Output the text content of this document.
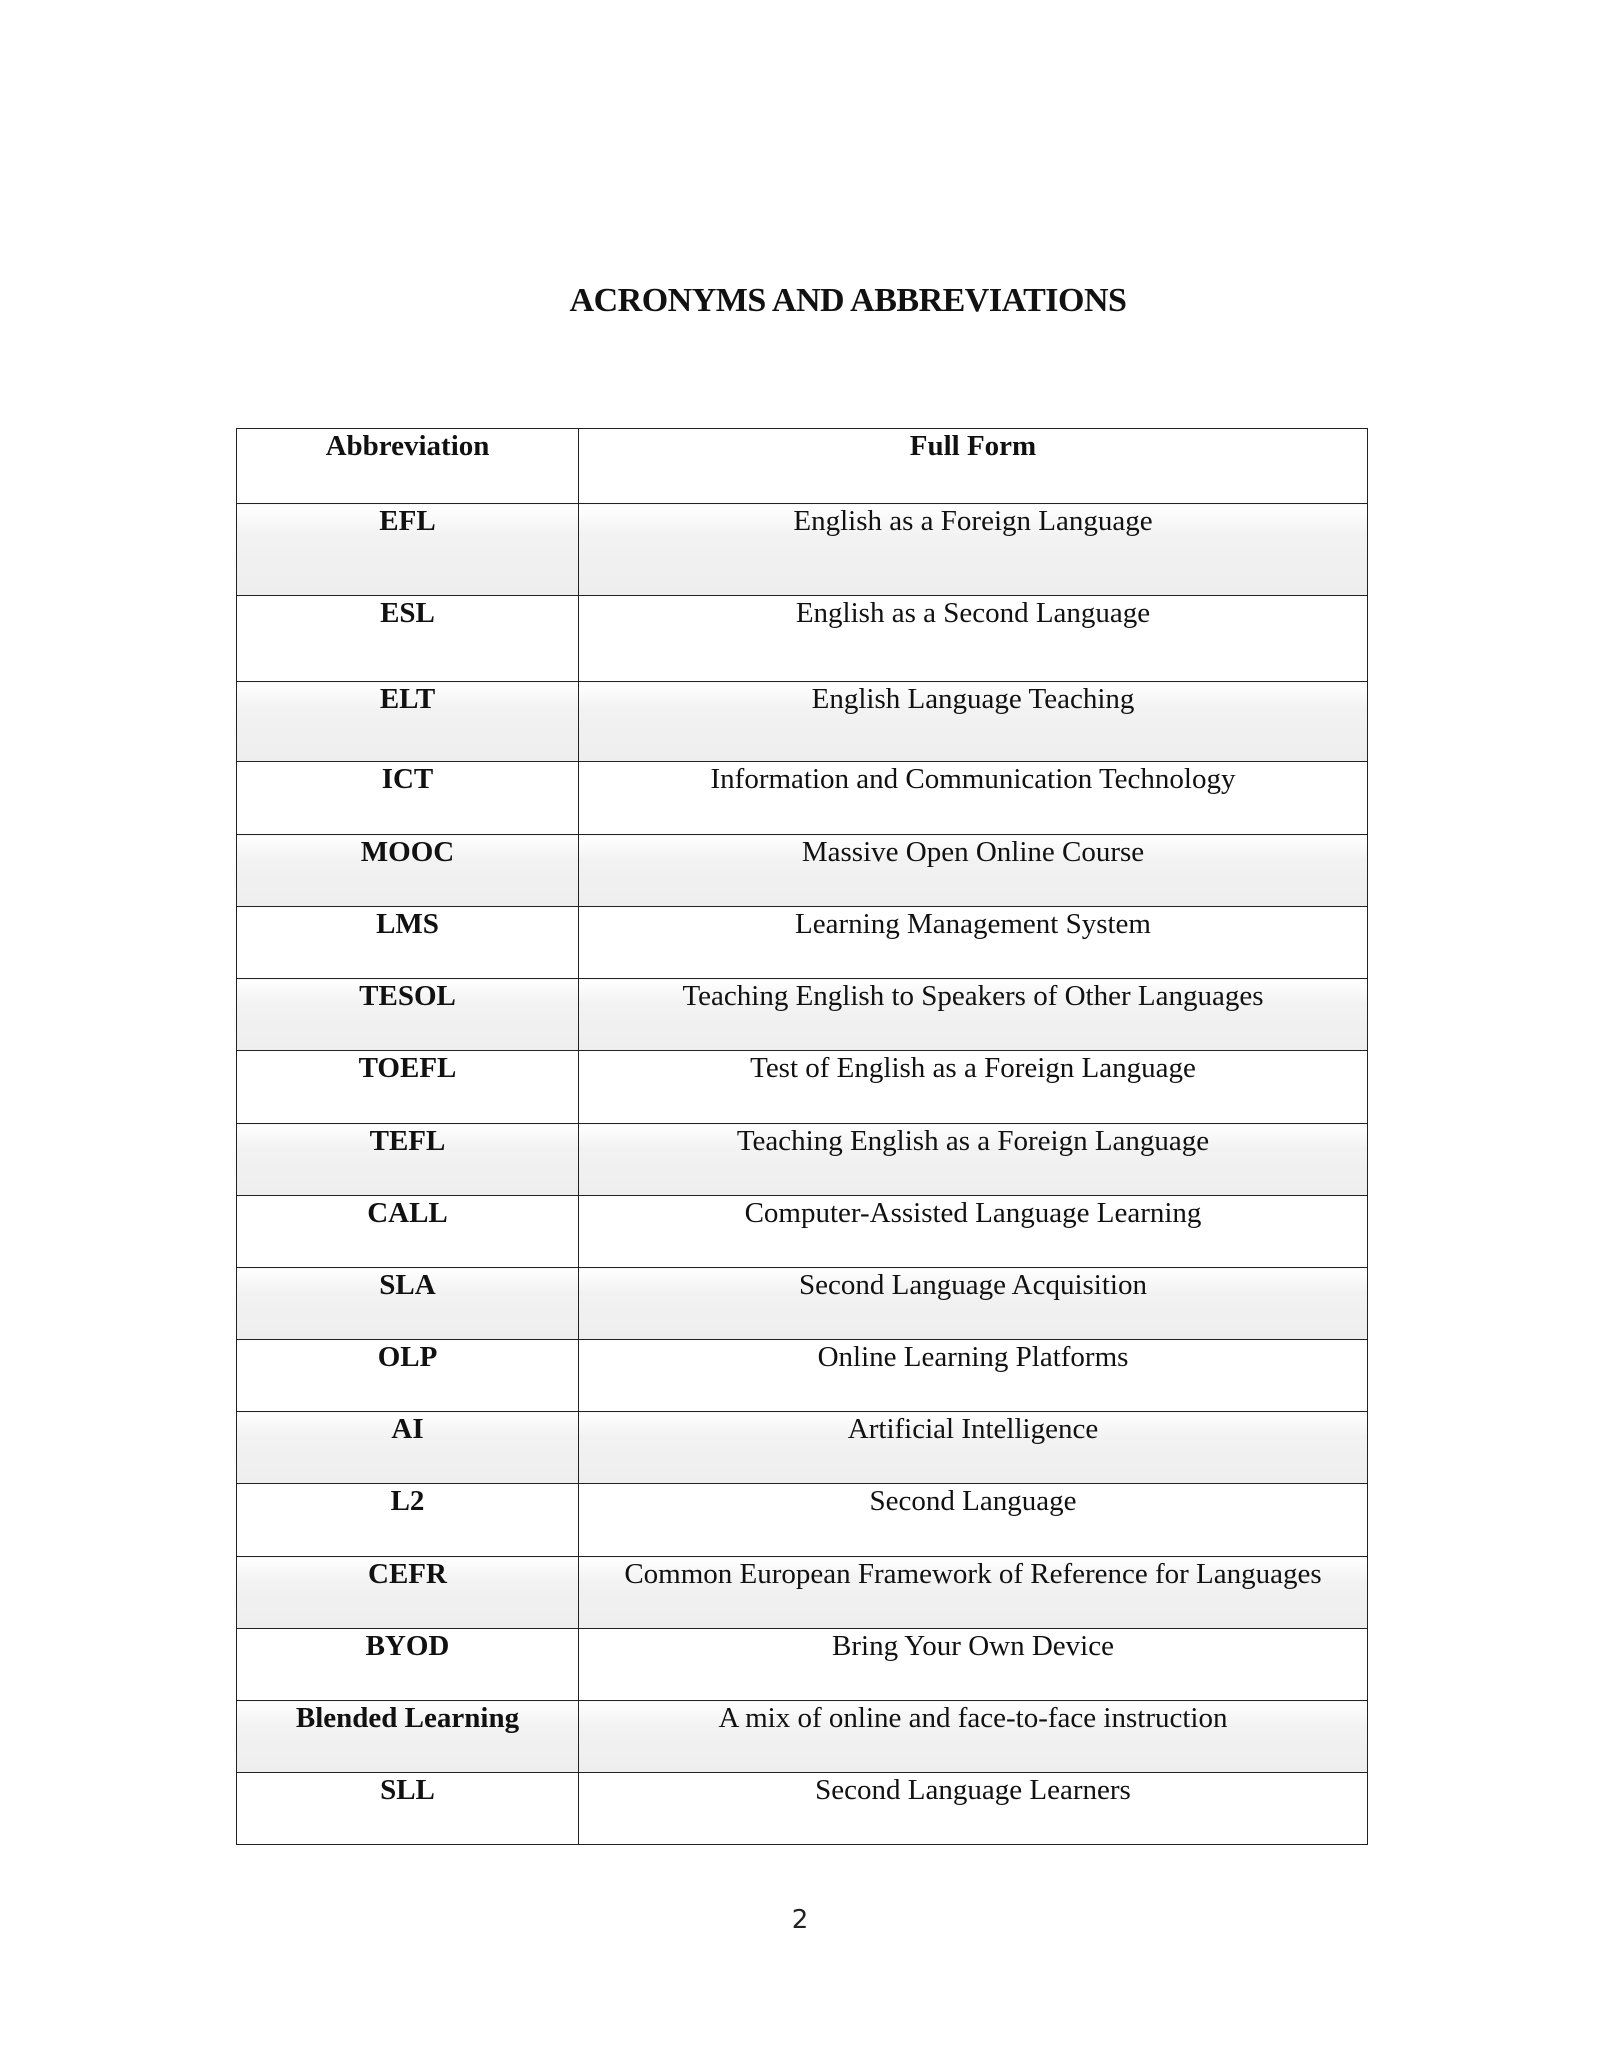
ACRONYMS AND ABBREVIATIONS
Abbreviation	Full Form
EFL	English as a Foreign Language
ESL	English as a Second Language
ELT	English Language Teaching
ICT	Information and Communication Technology
MOOC	Massive Open Online Course
LMS	Learning Management System
TESOL	Teaching English to Speakers of Other Languages
TOEFL	Test of English as a Foreign Language
TEFL	Teaching English as a Foreign Language
CALL	Computer-Assisted Language Learning
SLA	Second Language Acquisition
OLP	Online Learning Platforms
AI	Artificial Intelligence
L2	Second Language
CEFR	Common European Framework of Reference for Languages
BYOD	Bring Your Own Device
Blended Learning	A mix of online and face-to-face instruction
SLL	Second Language Learners
2
